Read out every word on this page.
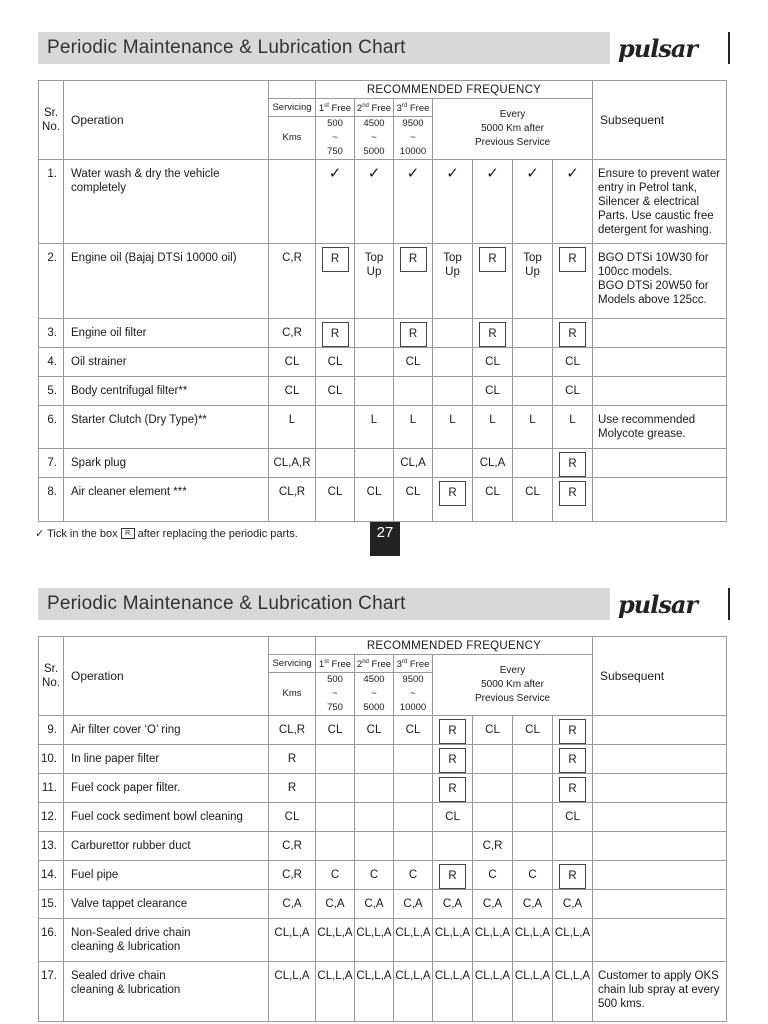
Periodic Maintenance & Lubrication Chart	pulsar
Sr.
No.	Operation		RECOMMENDED FREQUENCY							Subsequent
		Servicing	1st Free	2nd Free	3rd Free	Every
5000 Km after
Previous Service				
		Kms	500
~
750	4500
~
5000	9500
~
10000					
1.	Water wash & dry the vehicle
completely		✓	✓	✓	✓	✓	✓	✓	Ensure to prevent water
entry in Petrol tank,
Silencer & electrical
Parts. Use caustic free
detergent for washing.
2.	Engine oil (Bajaj DTSi 10000 oil)	C,R	R	Top
Up	R	Top
Up	R	Top
Up	R	BGO DTSi 10W30 for
100cc models.
BGO DTSi 20W50 for
Models above 125cc.
3.	Engine oil filter	C,R	R		R		R		R	
4.	Oil strainer	CL	CL		CL		CL		CL	
5.	Body centrifugal filter**	CL	CL				CL		CL	
6.	Starter Clutch (Dry Type)**	L		L	L	L	L	L	L	Use recommended
Molycote grease.
7.	Spark plug	CL,A,R			CL,A		CL,A		R	
8.	Air cleaner element ***	CL,R	CL	CL	CL	R	CL	CL	R	
✓ Tick in the box	R after replacing the periodic parts.	27
Periodic Maintenance & Lubrication Chart	pulsar
Sr.
No.	Operation		RECOMMENDED FREQUENCY							Subsequent
		Servicing	1st Free	2nd Free	3rd Free	Every
5000 Km after
Previous Service				
		Kms	500
~
750	4500
~
5000	9500
~
10000					
9.	Air filter cover ‘O’ ring	CL,R	CL	CL	CL	R	CL	CL	R	
10.	In line paper filter	R				R			R	
11.	Fuel cock paper filter.	R				R			R	
12.	Fuel cock sediment bowl cleaning	CL				CL			CL	
13.	Carburettor rubber duct	C,R					C,R			
14.	Fuel pipe	C,R	C	C	C	R	C	C	R	
15.	Valve tappet clearance	C,A	C,A	C,A	C,A	C,A	C,A	C,A	C,A	
16.	Non-Sealed drive chain
cleaning & lubrication	CL,L,A	CL,L,A	CL,L,A	CL,L,A	CL,L,A	CL,L,A	CL,L,A	CL,L,A	
17.	Sealed drive chain
cleaning & lubrication	CL,L,A	CL,L,A	CL,L,A	CL,L,A	CL,L,A	CL,L,A	CL,L,A	CL,L,A	Customer to apply OKS
chain lub spray at every
500 kms.
